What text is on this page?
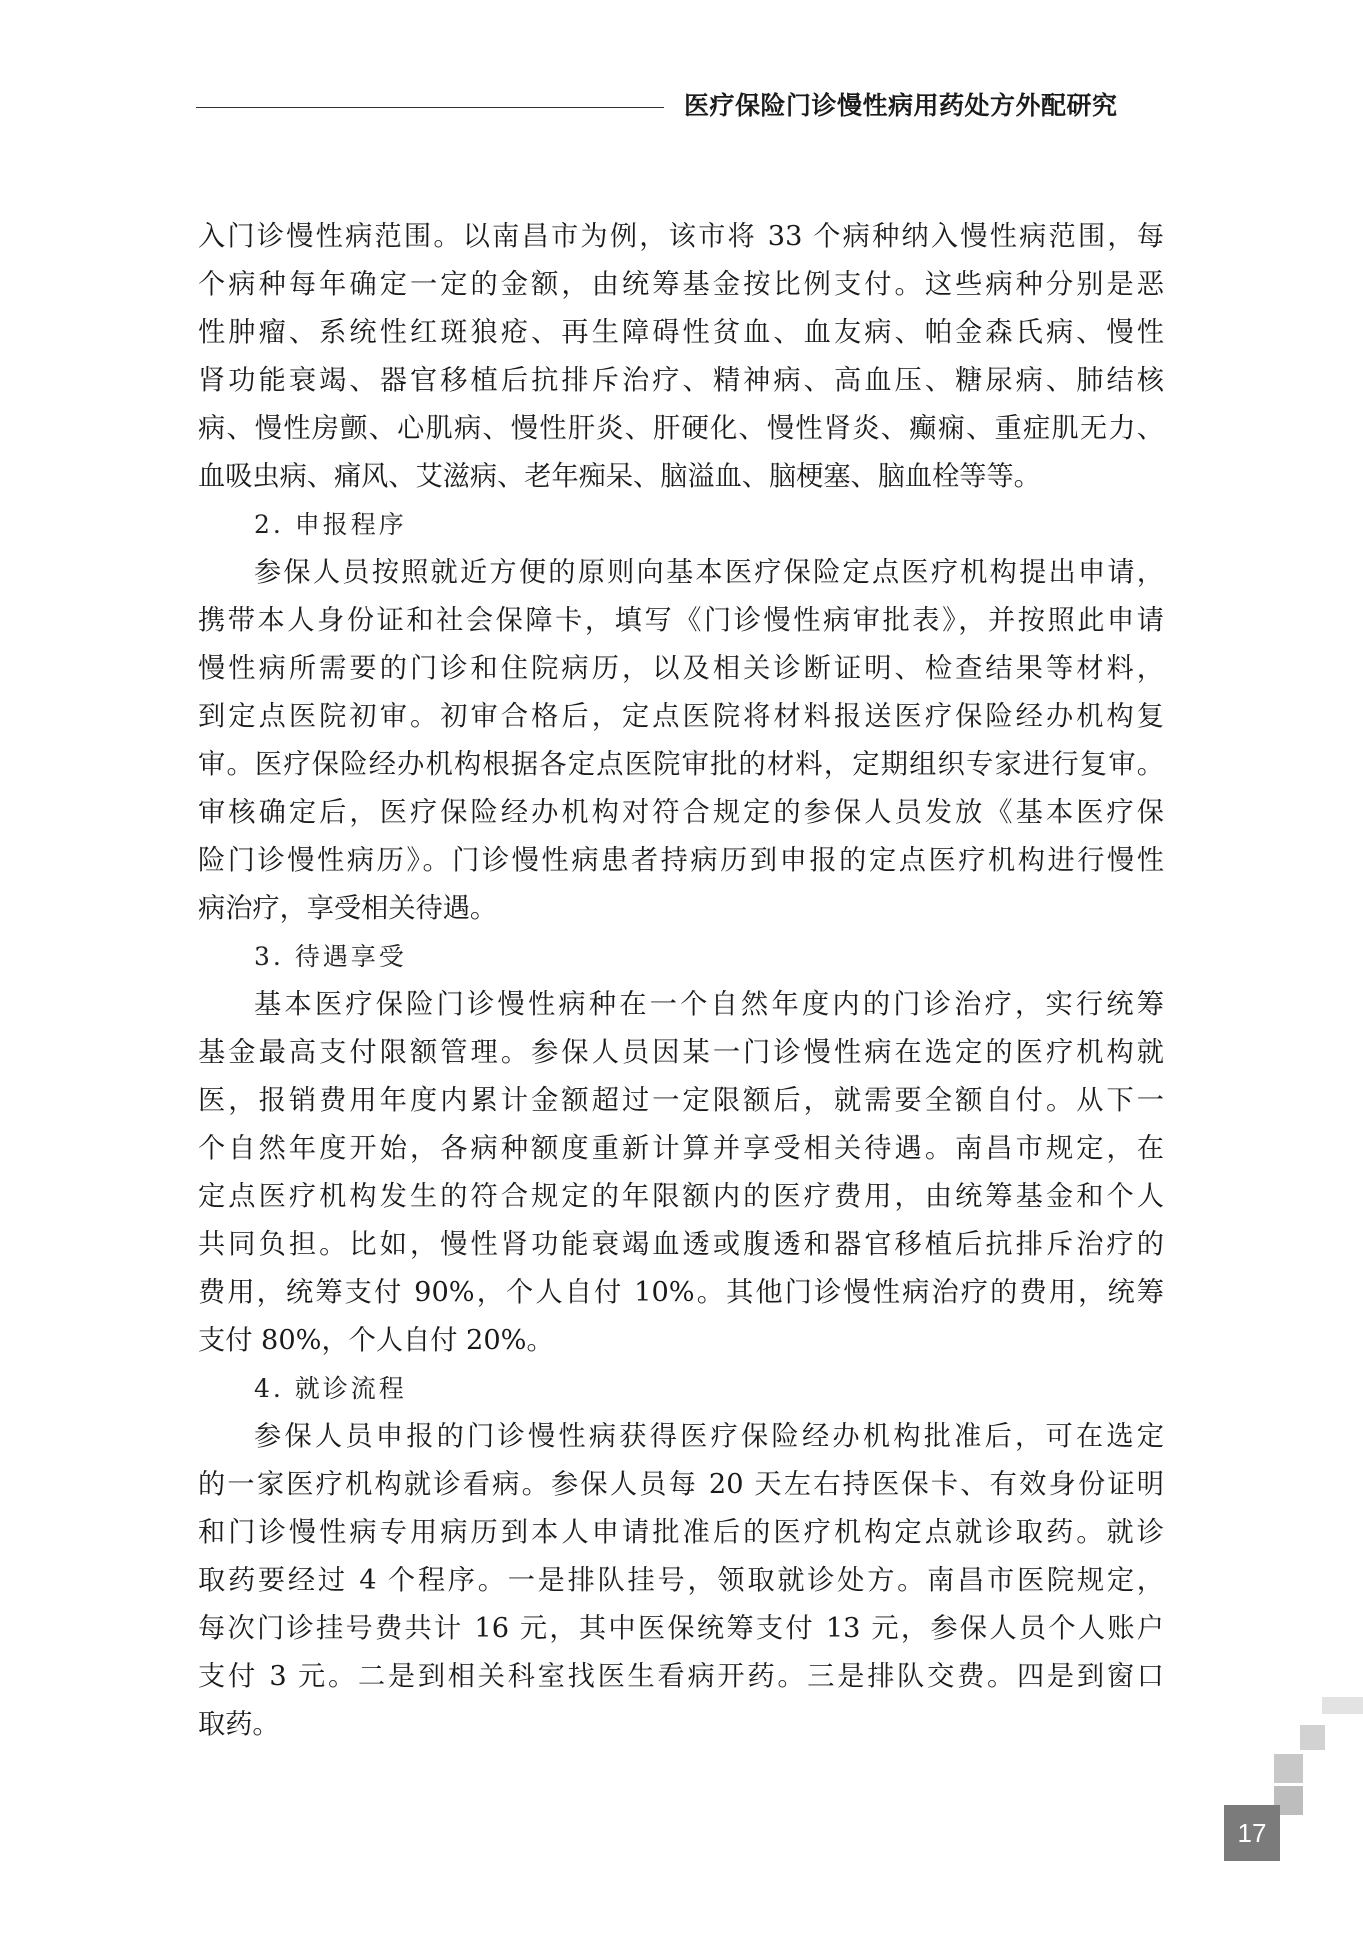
医疗保险门诊慢性病用药处方外配研究
入门诊慢性病范围。以南昌市为例，该市将 33 个病种纳入慢性病范围，每
个病种每年确定一定的金额，由统筹基金按比例支付。这些病种分别是恶
性肿瘤、系统性红斑狼疮、再生障碍性贫血、血友病、帕金森氏病、慢性
肾功能衰竭、器官移植后抗排斥治疗、精神病、高血压、糖尿病、肺结核
病、慢性房颤、心肌病、慢性肝炎、肝硬化、慢性肾炎、癫痫、重症肌无力、
血吸虫病、痛风、艾滋病、老年痴呆、脑溢血、脑梗塞、脑血栓等等。
2. 申报程序
参保人员按照就近方便的原则向基本医疗保险定点医疗机构提出申请，
携带本人身份证和社会保障卡，填写《门诊慢性病审批表》，并按照此申请
慢性病所需要的门诊和住院病历，以及相关诊断证明、检查结果等材料，
到定点医院初审。初审合格后，定点医院将材料报送医疗保险经办机构复
审。医疗保险经办机构根据各定点医院审批的材料，定期组织专家进行复审。
审核确定后，医疗保险经办机构对符合规定的参保人员发放《基本医疗保
险门诊慢性病历》。门诊慢性病患者持病历到申报的定点医疗机构进行慢性
病治疗，享受相关待遇。
3. 待遇享受
基本医疗保险门诊慢性病种在一个自然年度内的门诊治疗，实行统筹
基金最高支付限额管理。参保人员因某一门诊慢性病在选定的医疗机构就
医，报销费用年度内累计金额超过一定限额后，就需要全额自付。从下一
个自然年度开始，各病种额度重新计算并享受相关待遇。南昌市规定，在
定点医疗机构发生的符合规定的年限额内的医疗费用，由统筹基金和个人
共同负担。比如，慢性肾功能衰竭血透或腹透和器官移植后抗排斥治疗的
费用，统筹支付 90%，个人自付 10%。其他门诊慢性病治疗的费用，统筹
支付 80%，个人自付 20%。
4. 就诊流程
参保人员申报的门诊慢性病获得医疗保险经办机构批准后，可在选定
的一家医疗机构就诊看病。参保人员每 20 天左右持医保卡、有效身份证明
和门诊慢性病专用病历到本人申请批准后的医疗机构定点就诊取药。就诊
取药要经过 4 个程序。一是排队挂号，领取就诊处方。南昌市医院规定，
每次门诊挂号费共计 16 元，其中医保统筹支付 13 元，参保人员个人账户
支付 3 元。二是到相关科室找医生看病开药。三是排队交费。四是到窗口
取药。
17
